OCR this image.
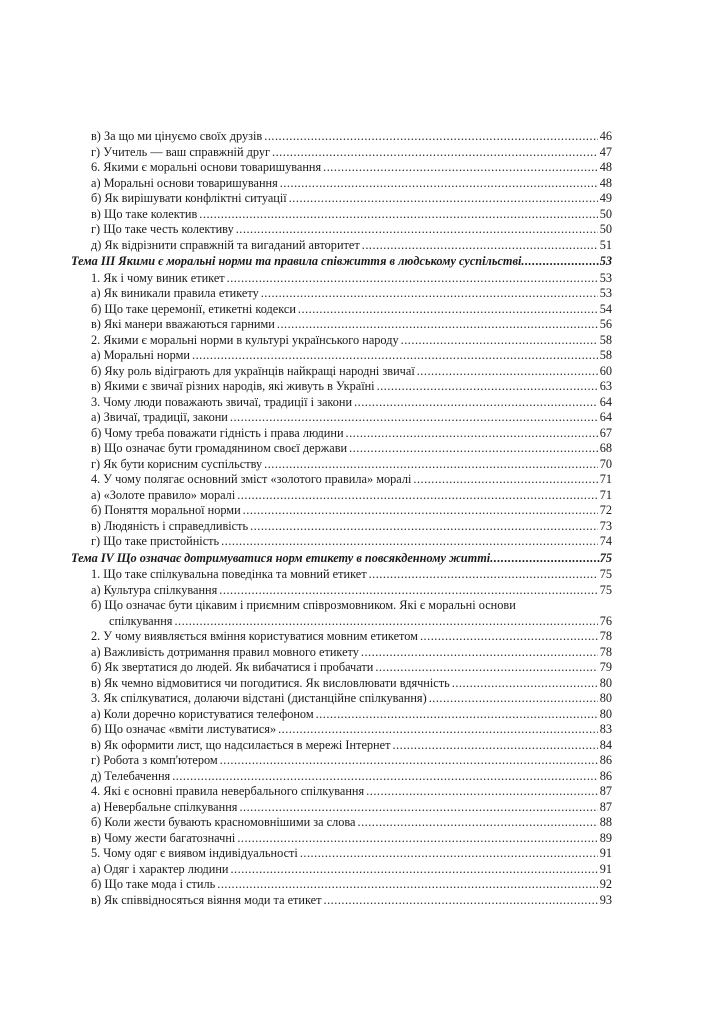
в) За що ми цінуємо своїх друзів .....	46
г) Учитель — ваш справжній друг .....	47
6. Якими є моральні основи товаришування .....	48
а) Моральні основи товаришування .....	48
б) Як вирішувати конфліктні ситуації .....	49
в) Що таке колектив .....	50
г) Що таке честь колективу .....	50
д) Як відрізнити справжній та вигаданий авторитет .....	51
Тема ІІІ Якими є моральні норми та правила співжиття в людському суспільстві .....	53
1. Як і чому виник етикет .....	53
а) Як виникали правила етикету .....	53
б) Що таке церемонії, етикетні кодекси .....	54
в) Які манери вважаються гарними .....	56
2. Якими є моральні норми в культурі українського народу .....	58
а) Моральні норми .....	58
б) Яку роль відіграють для українців найкращі народні звичаї .....	60
в) Якими є звичаї різних народів, які живуть в Україні .....	63
3. Чому люди поважають звичаї, традиції і закони .....	64
а) Звичаї, традиції, закони .....	64
б) Чому треба поважати гідність і права людини .....	67
в) Що означає бути громадянином своєї держави .....	68
г) Як бути корисним суспільству .....	70
4. У чому полягає основний зміст «золотого правила» моралі .....	71
а) «Золоте правило» моралі .....	71
б) Поняття моральної норми .....	72
в) Людяність і справедливість .....	73
г) Що таке пристойність .....	74
Тема IV Що означає дотримуватися норм етикету в повсякденному житті .....	75
1. Що таке спілкувальна поведінка та мовний етикет .....	75
а) Культура спілкування .....	75
б) Що означає бути цікавим і приємним співрозмовником. Які є моральні основи
спілкування .....	76
2. У чому виявляється вміння користуватися мовним етикетом .....	78
а) Важливість дотримання правил мовного етикету .....	78
б) Як звертатися до людей. Як вибачатися і пробачати .....	79
в) Як чемно відмовитися чи погодитися. Як висловлювати вдячність .....	80
3. Як спілкуватися, долаючи відстані (дистанційне спілкування) .....	80
а) Коли доречно користуватися телефоном .....	80
б) Що означає «вміти листуватися» .....	83
в) Як оформити лист, що надсилається в мережі Інтернет .....	84
г) Робота з комп'ютером .....	86
д) Телебачення .....	86
4. Які є основні правила невербального спілкування .....	87
а) Невербальне спілкування .....	87
б) Коли жести бувають красномовнішими за слова .....	88
в) Чому жести багатозначні .....	89
5. Чому одяг є виявом індивідуальності .....	91
а) Одяг і характер людини .....	91
б) Що таке мода і стиль .....	92
в) Як співвідносяться віяння моди та етикет .....	93
